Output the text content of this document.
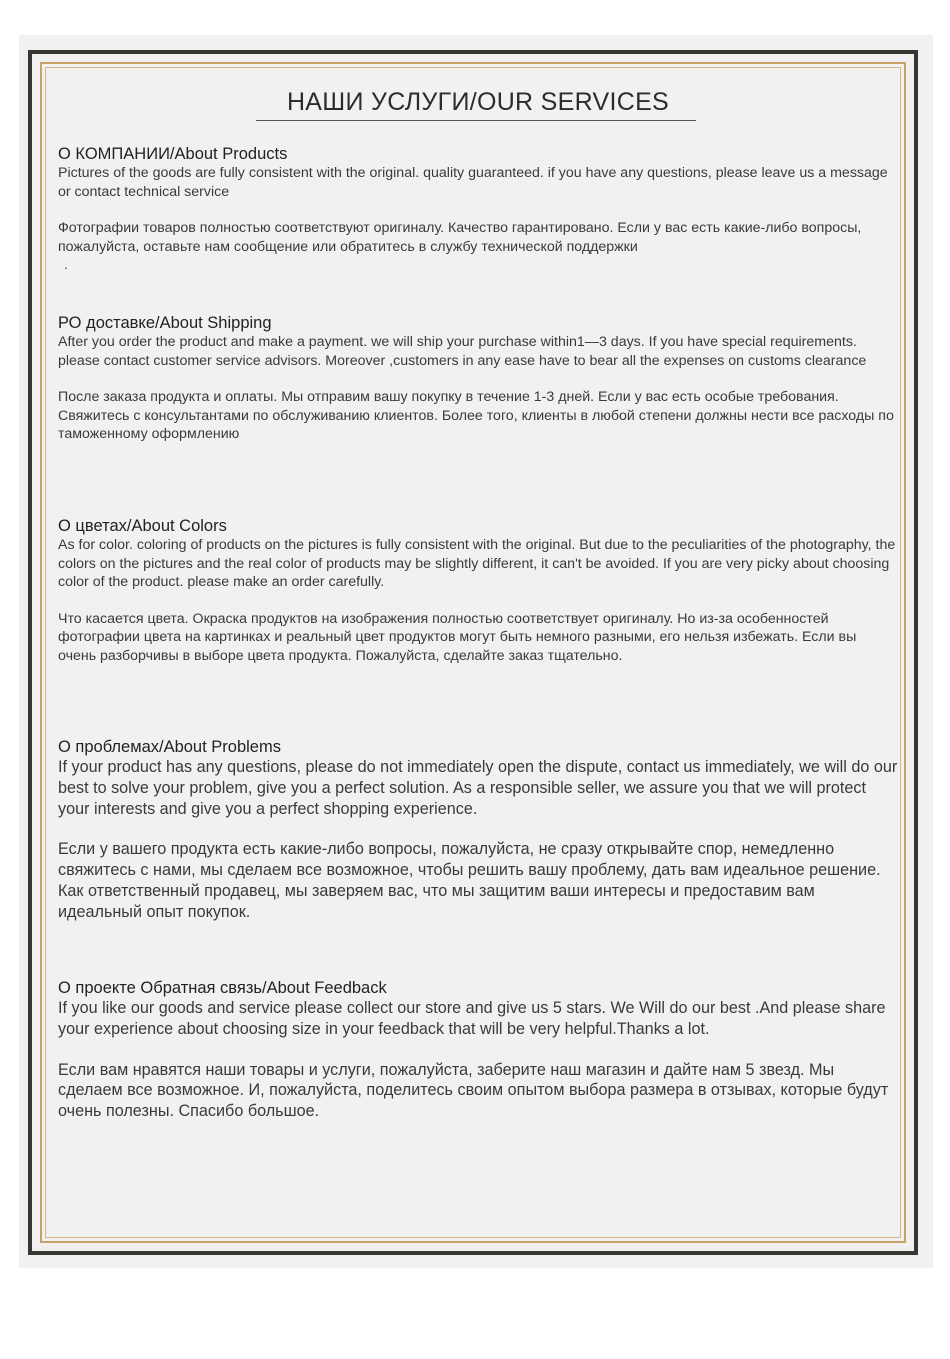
НАШИ УСЛУГИ/OUR SERVICES

О КОМПАНИИ/About Products

Pictures of the goods are fully consistent with the original. quality guaranteed. if you have any questions, please leave us a message or contact technical service

Фотографии товаров полностью соответствуют оригиналу. Качество гарантировано. Если у вас есть какие-либо вопросы, пожалуйста, оставьте нам сообщение или обратитесь в службу технической поддержки

.

РО доставке/About Shipping

After you order the product and make a payment. we will ship your purchase within1—3 days. If you have special requirements. please contact customer service advisors. Moreover ,customers in any ease have to bear all the expenses on customs clearance

После заказа продукта и оплаты. Мы отправим вашу покупку в течение 1-3 дней. Если у вас есть особые требования. Свяжитесь с консультантами по обслуживанию клиентов. Более того, клиенты в любой степени должны нести все расходы по таможенному оформлению

О цветах/About Colors

As for color. coloring of products on the pictures is fully consistent with the original. But due to the peculiarities of the photography, the colors on the pictures and the real color of products may be slightly different, it can't be avoided. If you are very picky about choosing color of the product. please make an order carefully.

Что касается цвета. Окраска продуктов на изображения полностью соответствует оригиналу. Но из-за особенностей фотографии цвета на картинках и реальный цвет продуктов могут быть немного разными, его нельзя избежать. Если вы очень разборчивы в выборе цвета продукта. Пожалуйста, сделайте заказ тщательно.

О проблемах/About Problems

If your product has any questions, please do not immediately open the dispute, contact us immediately, we will do our best to solve your problem, give you a perfect solution. As a responsible seller, we assure you that we will protect your interests and give you a perfect shopping experience.

Если у вашего продукта есть какие-либо вопросы, пожалуйста, не сразу открывайте спор, немедленно свяжитесь с нами, мы сделаем все возможное, чтобы решить вашу проблему, дать вам идеальное решение. Как ответственный продавец, мы заверяем вас, что мы защитим ваши интересы и предоставим вам идеальный опыт покупок.

О проекте Обратная связь/About Feedback

If you like our goods and service please collect our store and give us 5 stars. We Will do our best .And please share your experience about choosing size in your feedback that will be very helpful.Thanks a lot.

Если вам нравятся наши товары и услуги, пожалуйста, заберите наш магазин и дайте нам 5 звезд. Мы сделаем все возможное. И, пожалуйста, поделитесь своим опытом выбора размера в отзывах, которые будут очень полезны. Спасибо большое.
